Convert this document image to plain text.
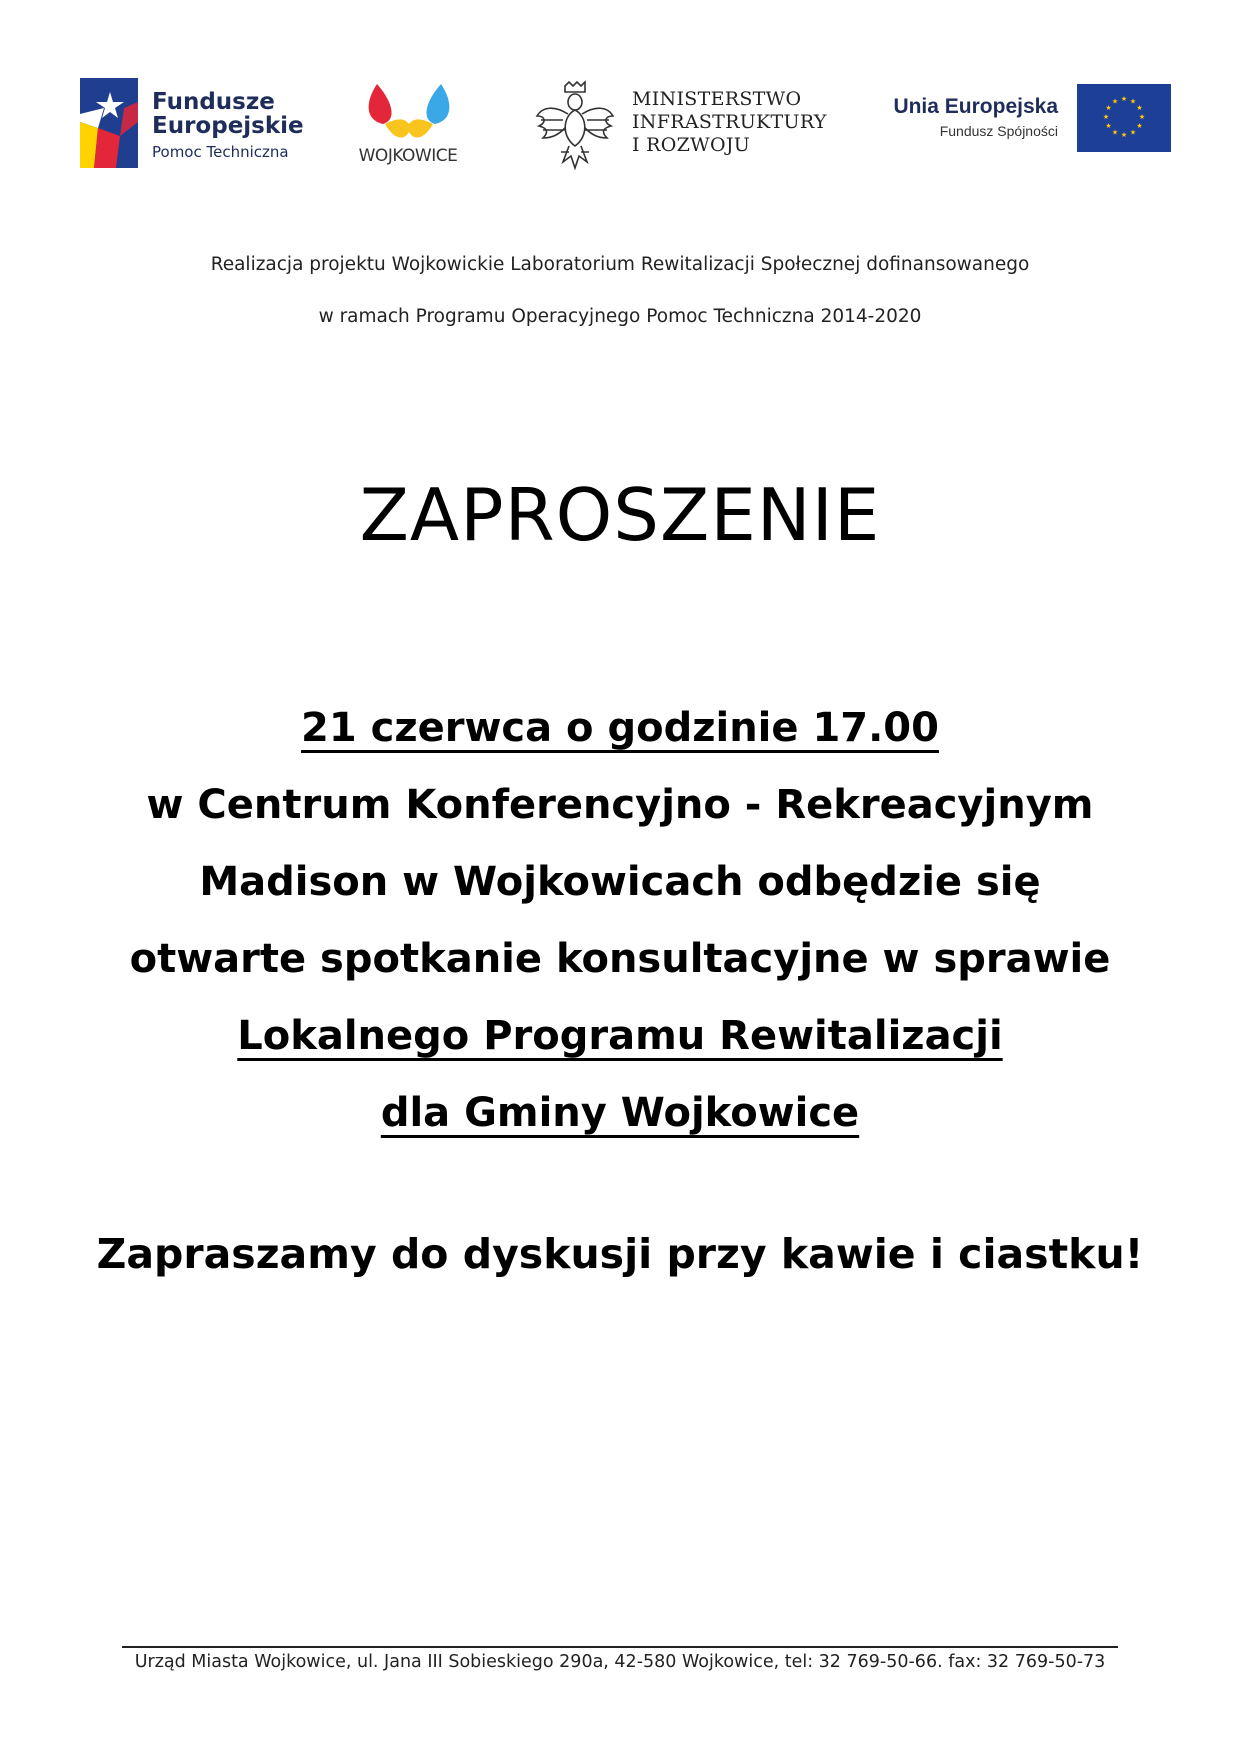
Fundusze
Europejskie
Pomoc Techniczna	WOJKOWICE
MINISTERSTWO
INFRASTRUKTURY
I ROZWOJU
Unia Europejska
Fundusz Spójności
★ ★
★
★
★
★
★
★
★
★
★
★
Realizacja projektu Wojkowickie Laboratorium Rewitalizacji Społecznej dofinansowanego
w ramach Programu Operacyjnego Pomoc Techniczna 2014-2020
ZAPROSZENIE
21 czerwca o godzinie 17.00
w Centrum Konferencyjno - Rekreacyjnym
Madison w Wojkowicach odbędzie się
otwarte spotkanie konsultacyjne w sprawie
Lokalnego Programu Rewitalizacji
dla Gminy Wojkowice
Zapraszamy do dyskusji przy kawie i ciastku!
Urząd Miasta Wojkowice, ul. Jana III Sobieskiego 290a, 42-580 Wojkowice, tel: 32 769-50-66. fax: 32 769-50-73
